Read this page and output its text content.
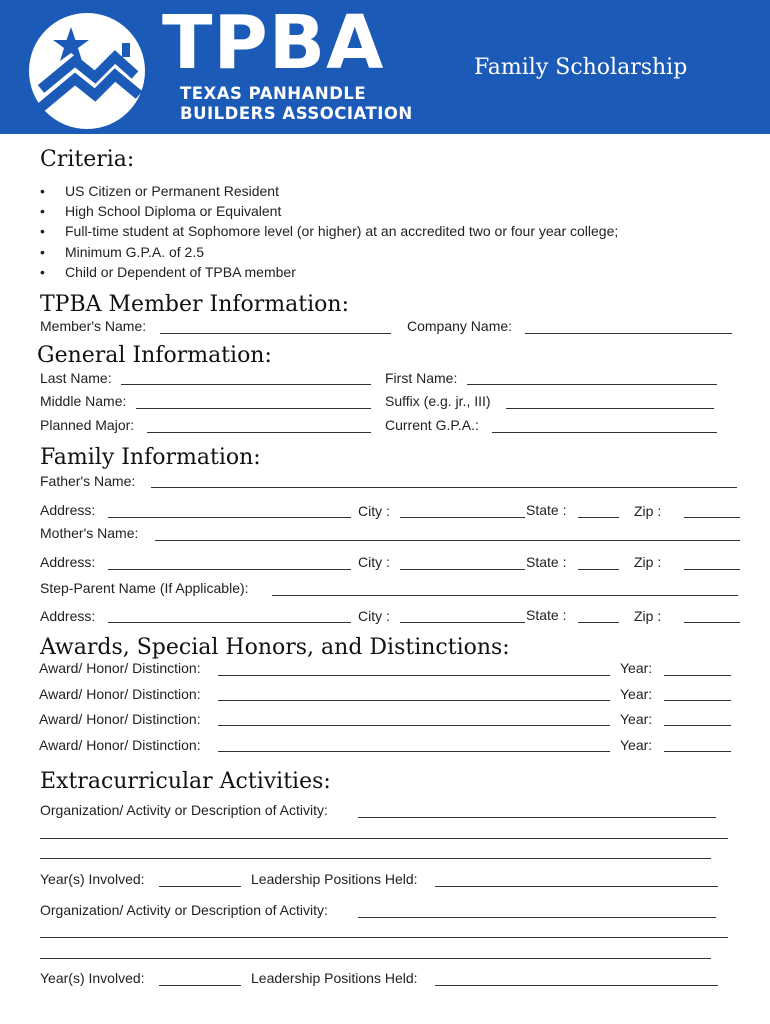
TPBA
TEXAS PANHANDLE
BUILDERS ASSOCIATION
Family Scholarship
Criteria:
• US Citizen or Permanent Resident
• High School Diploma or Equivalent
• Full-time student at Sophomore level (or higher) at an accredited two or four year college;
• Minimum G.P.A. of 2.5
• Child or Dependent of TPBA member
TPBA Member Information:
Member's Name:	Company Name:
General Information:
Last Name:	First Name:
Middle Name:	Suffix (e.g. jr., III)
Planned Major:	Current G.P.A.:
Family Information:
Father's Name:
Address:	City :	State :	Zip :
Mother's Name:
Address:	City :	State :	Zip :
Step-Parent Name (If Applicable):
Address:	City :	State :	Zip :
Awards, Special Honors, and Distinctions:
Award/ Honor/ Distinction:	Year:
Award/ Honor/ Distinction:	Year:
Award/ Honor/ Distinction:	Year:
Award/ Honor/ Distinction:	Year:
Extracurricular Activities:
Organization/ Activity or Description of Activity:
Year(s) Involved:	Leadership Positions Held:
Organization/ Activity or Description of Activity:
Year(s) Involved:	Leadership Positions Held:
